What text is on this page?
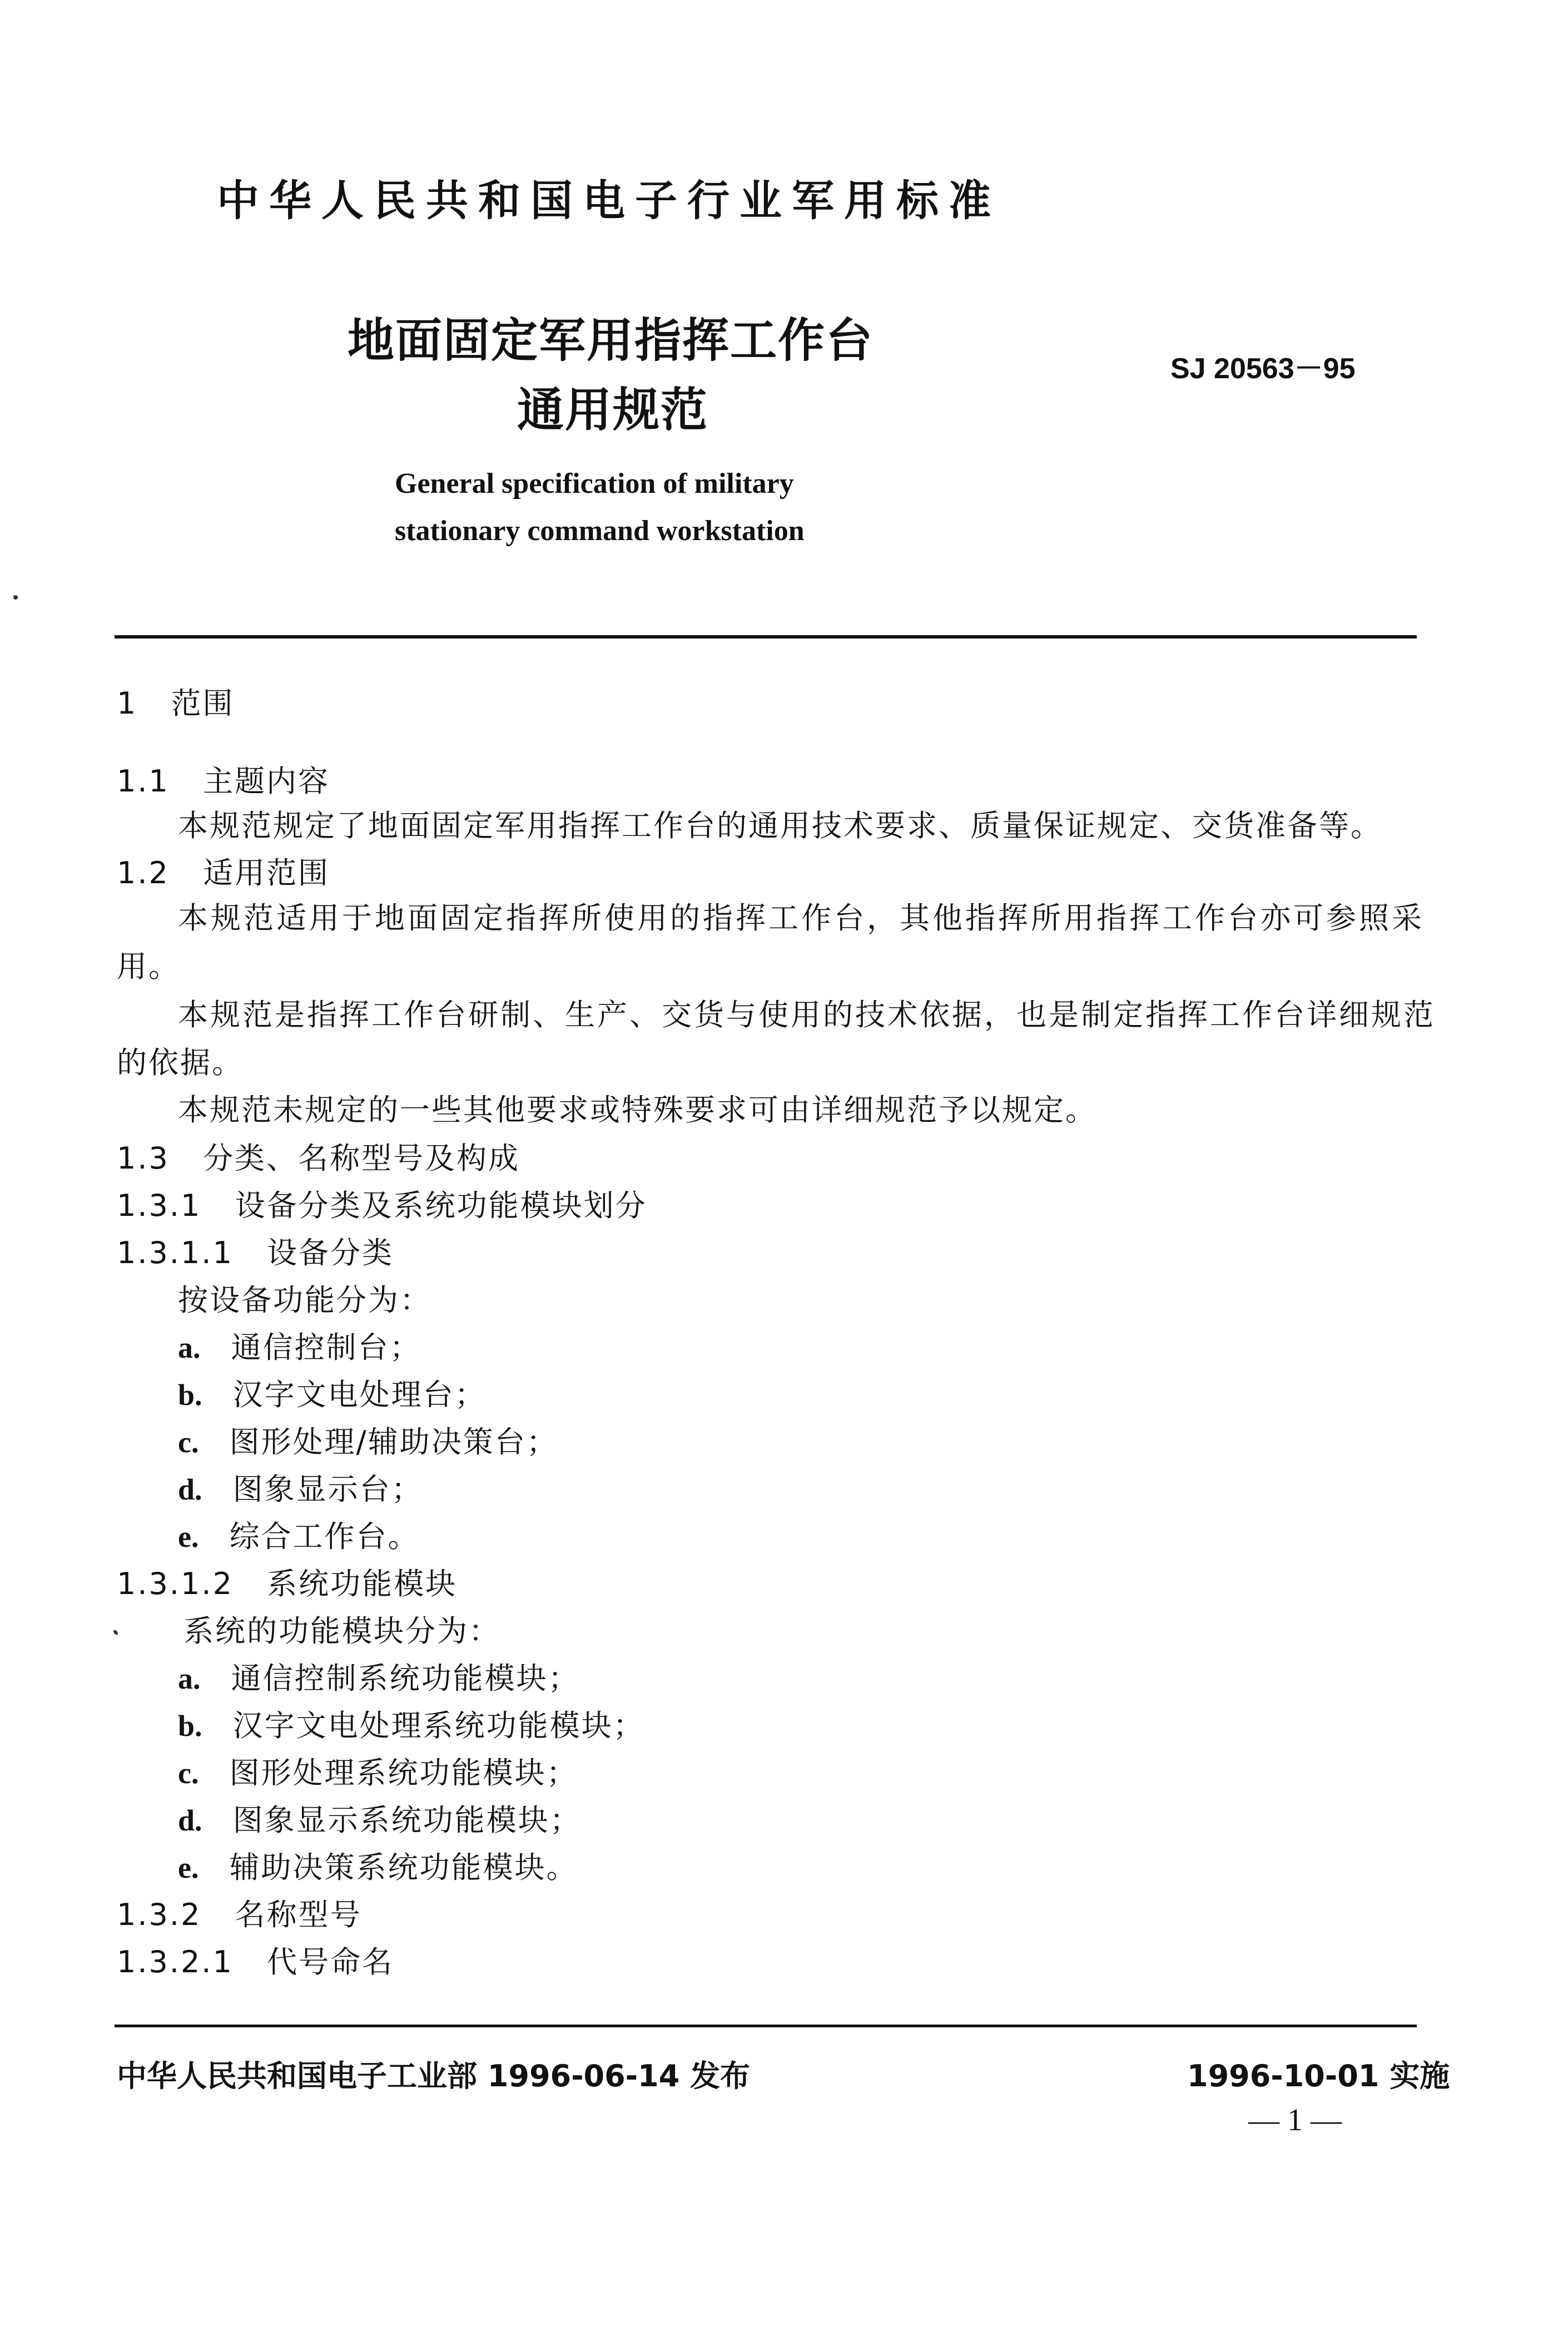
中华人民共和国电子行业军用标准
地面固定军用指挥工作台
通用规范
SJ 20563－95
General specification of military
stationary command workstation
1 范围
1.1 主题内容
本规范规定了地面固定军用指挥工作台的通用技术要求、质量保证规定、交货准备等。
1.2 适用范围
本规范适用于地面固定指挥所使用的指挥工作台，其他指挥所用指挥工作台亦可参照采
用。
本规范是指挥工作台研制、生产、交货与使用的技术依据，也是制定指挥工作台详细规范
的依据。
本规范未规定的一些其他要求或特殊要求可由详细规范予以规定。
1.3 分类、名称型号及构成
1.3.1 设备分类及系统功能模块划分
1.3.1.1 设备分类
按设备功能分为：
a. 通信控制台；
b. 汉字文电处理台；
c. 图形处理/辅助决策台；
d. 图象显示台；
e. 综合工作台。
1.3.1.2 系统功能模块
系统的功能模块分为：
a. 通信控制系统功能模块；
b. 汉字文电处理系统功能模块；
c. 图形处理系统功能模块；
d. 图象显示系统功能模块；
e. 辅助决策系统功能模块。
1.3.2 名称型号
1.3.2.1 代号命名
中华人民共和国电子工业部 1996-06-14 发布	1996-10-01 实施
— 1 —
